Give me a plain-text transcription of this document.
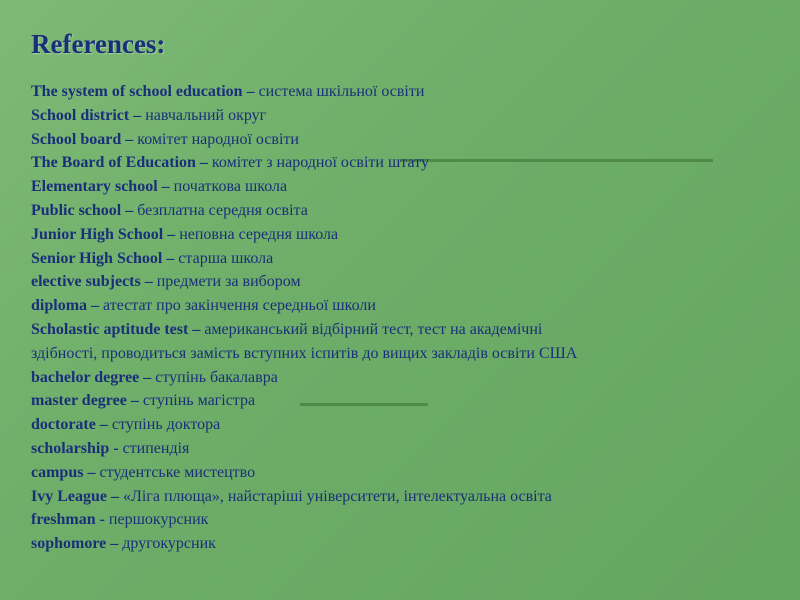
References:
The system of school education – система шкільної освіти
School district – навчальний округ
School board – комітет народної освіти
The Board of Education – комітет з народної освіти штату
Elementary school – початкова школа
Public school – безплатна середня освіта
Junior High School – неповна середня школа
Senior High School – старша школа
elective subjects – предмети за вибором
diploma – атестат про закінчення середньої школи
Scholastic aptitude test – американський відбірний тест, тест на академічні
здібності, проводиться замість вступних іспитів до вищих закладів освіти США
bachelor degree – ступінь бакалавра
master degree – ступінь магістра
doctorate – ступінь доктора
scholarship - стипендія
campus – студентське мистецтво
Ivy League – «Ліга плюща», найстаріші університети, інтелектуальна освіта
freshman - першокурсник
sophomore – другокурсник
